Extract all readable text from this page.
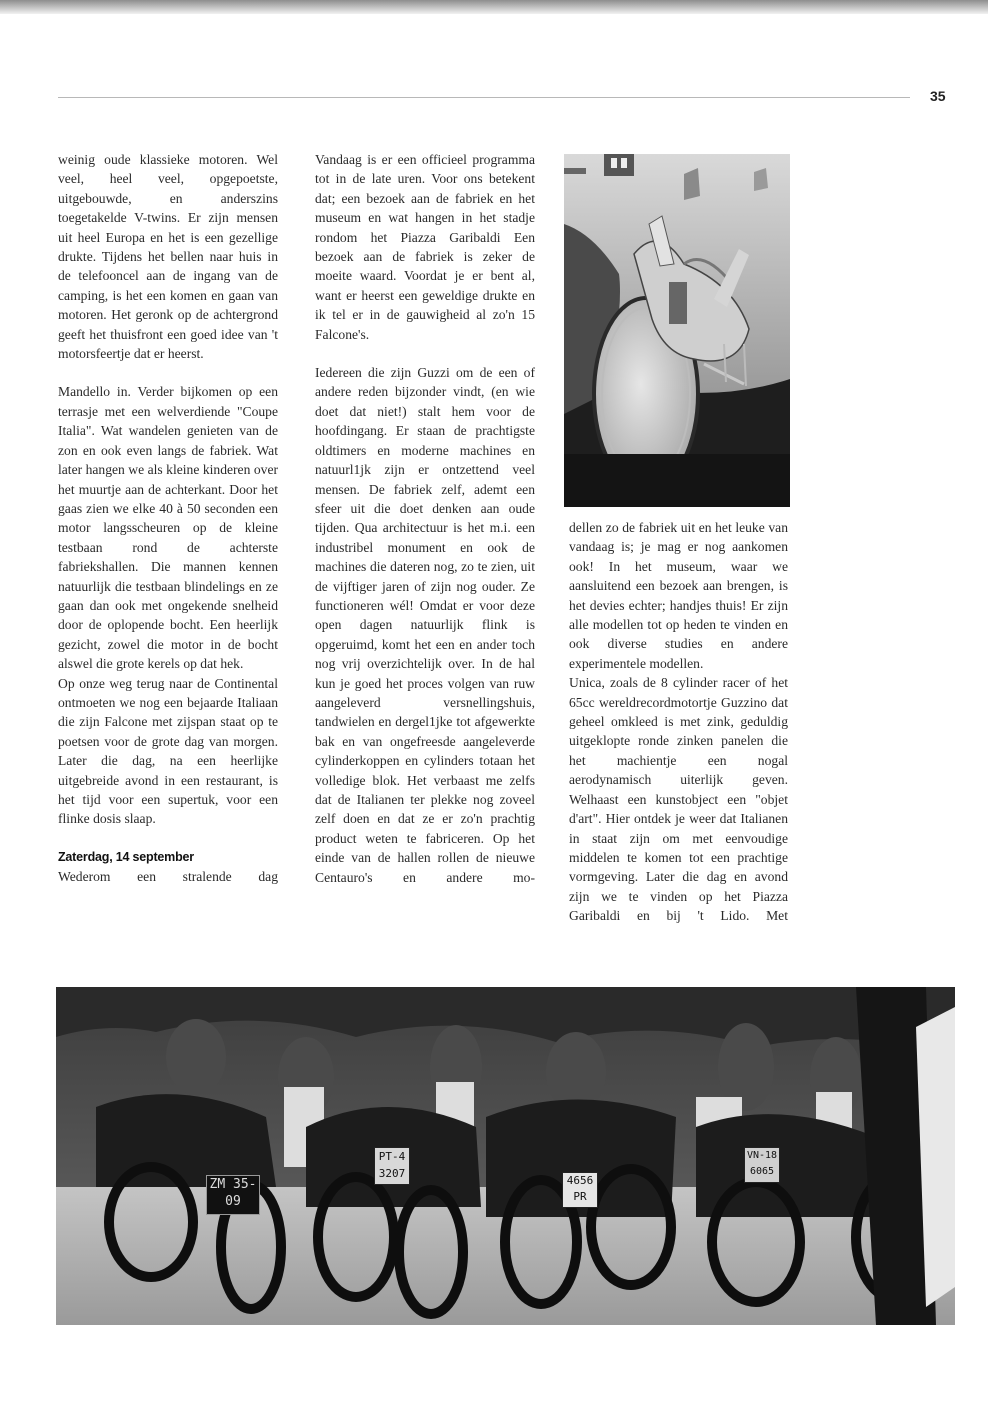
35

weinig oude klassieke motoren. Wel veel, heel veel, opgepoetste, uitgebouwde, en anderszins toegetakelde V-twins. Er zijn mensen uit heel Europa en het is een gezellige drukte. Tijdens het bellen naar huis in de telefooncel aan de ingang van de camping, is het een komen en gaan van motoren. Het geronk op de achtergrond geeft het thuisfront een goed idee van 't motorsfeertje dat er heerst.

Mandello in. Verder bijkomen op een terrasje met een welverdiende "Coupe Italia". Wat wandelen genieten van de zon en ook even langs de fabriek. Wat later hangen we als kleine kinderen over het muurtje aan de achterkant. Door het gaas zien we elke 40 à 50 seconden een motor langsscheuren op de kleine testbaan rond de achterste fabriekshallen. Die mannen kennen natuurlijk die testbaan blindelings en ze gaan dan ook met ongekende snelheid door de oplopende bocht. Een heerlijk gezicht, zowel die motor in de bocht alswel die grote kerels op dat hek.

Op onze weg terug naar de Continental ontmoeten we nog een bejaarde Italiaan die zijn Falcone met zijspan staat op te poetsen voor de grote dag van morgen. Later die dag, na een heerlijke uitgebreide avond in een restaurant, is het tijd voor een supertuk, voor een flinke dosis slaap.

Zaterdag, 14 september

Wederom een stralende dag

Vandaag is er een officieel programma tot in de late uren. Voor ons betekent dat; een bezoek aan de fabriek en het museum en wat hangen in het stadje rondom het Piazza Garibaldi Een bezoek aan de fabriek is zeker de moeite waard. Voordat je er bent al, want er heerst een geweldige drukte en ik tel er in de gauwigheid al zo'n 15 Falcone's.

Iedereen die zijn Guzzi om de een of andere reden bijzonder vindt, (en wie doet dat niet!) stalt hem voor de hoofdingang. Er staan de prachtigste oldtimers en moderne machines en natuurl1jk zijn er ontzettend veel mensen. De fabriek zelf, ademt een sfeer uit die doet denken aan oude tijden. Qua architectuur is het m.i. een industribel monument en ook de machines die dateren nog, zo te zien, uit de vijftiger jaren of zijn nog ouder. Ze functioneren wél! Omdat er voor deze open dagen natuurlijk flink is opgeruimd, komt het een en ander toch nog vrij overzichtelijk over. In de hal kun je goed het proces volgen van ruw aangeleverd versnellingshuis, tandwielen en dergel1jke tot afgewerkte bak en van ongefreesde aangeleverde cylinderkoppen en cylinders totaan het volledige blok. Het verbaast me zelfs dat de Italianen ter plekke nog zoveel zelf doen en dat ze er zo'n prachtig product weten te fabriceren. Op het einde van de hallen rollen de nieuwe Centauro's en andere mo-

dellen zo de fabriek uit en het leuke van vandaag is; je mag er nog aankomen ook! In het museum, waar we aansluitend een bezoek aan brengen, is het devies echter; handjes thuis! Er zijn alle modellen tot op heden te vinden en ook diverse studies en andere experimentele modellen.

Unica, zoals de 8 cylinder racer of het 65cc wereldrecordmotortje Guzzino dat geheel omkleed is met zink, geduldig uitgeklopte ronde zinken panelen die het machientje een nogal aerodynamisch uiterlijk geven. Welhaast een kunstobject een "objet d'art". Hier ontdek je weer dat Italianen in staat zijn om met eenvoudige middelen te komen tot een prachtige vormgeving. Later die dag en avond zijn we te vinden op het Piazza Garibaldi en bij 't Lido. Met

ZM 35-09
PT-4 3207
4656 PR
VN-18 6065
